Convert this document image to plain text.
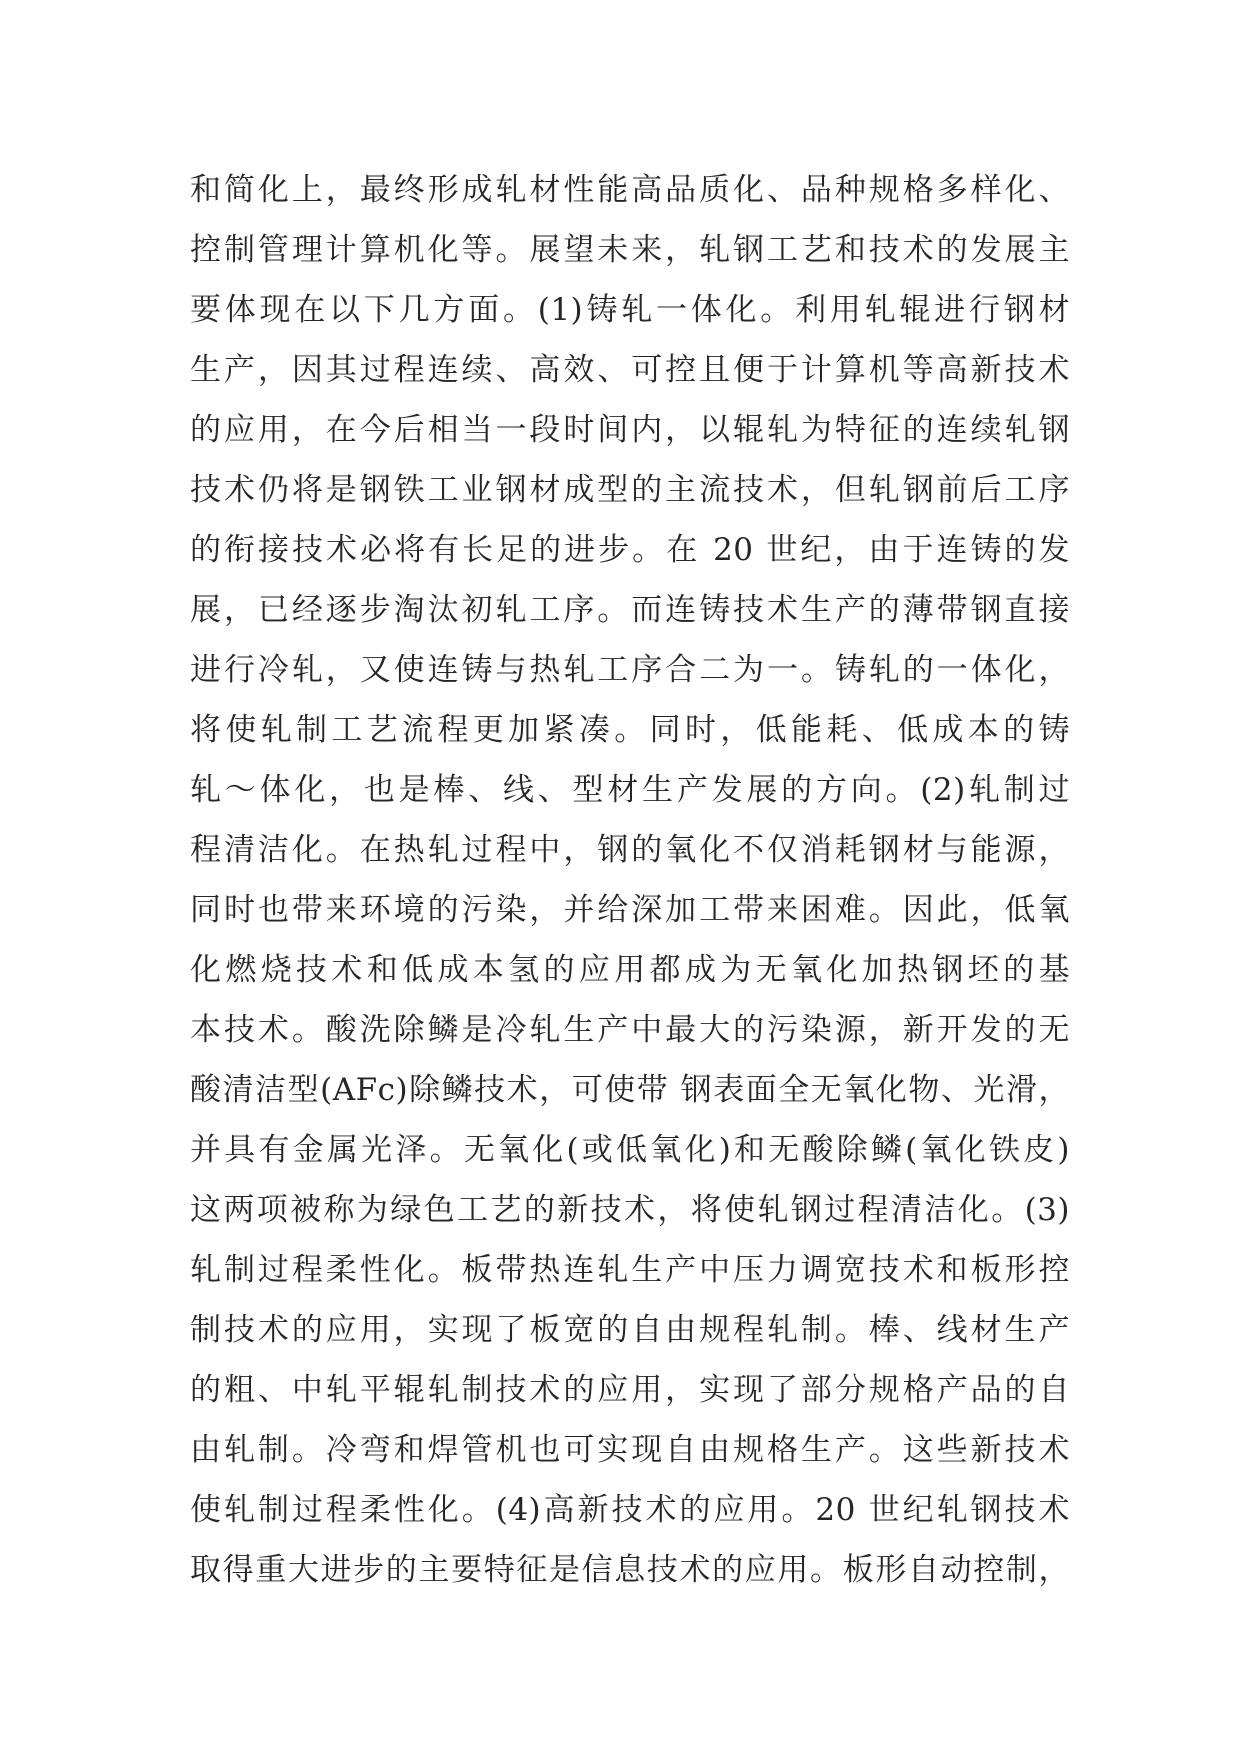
和简化上，最终形成轧材性能高品质化、品种规格多样化、
控制管理计算机化等。展望未来，轧钢工艺和技术的发展主
要体现在以下几方面。(1)铸轧一体化。利用轧辊进行钢材
生产，因其过程连续、高效、可控且便于计算机等高新技术
的应用，在今后相当一段时间内，以辊轧为特征的连续轧钢
技术仍将是钢铁工业钢材成型的主流技术，但轧钢前后工序
的衔接技术必将有长足的进步。在 20 世纪，由于连铸的发
展，已经逐步淘汰初轧工序。而连铸技术生产的薄带钢直接
进行冷轧，又使连铸与热轧工序合二为一。铸轧的一体化，
将使轧制工艺流程更加紧凑。同时，低能耗、低成本的铸
轧～体化，也是棒、线、型材生产发展的方向。(2)轧制过
程清洁化。在热轧过程中，钢的氧化不仅消耗钢材与能源，
同时也带来环境的污染，并给深加工带来困难。因此，低氧
化燃烧技术和低成本氢的应用都成为无氧化加热钢坯的基
本技术。酸洗除鳞是冷轧生产中最大的污染源，新开发的无
酸清洁型(AFc)除鳞技术，可使带 钢表面全无氧化物、光滑，
并具有金属光泽。无氧化(或低氧化)和无酸除鳞(氧化铁皮)
这两项被称为绿色工艺的新技术，将使轧钢过程清洁化。(3)
轧制过程柔性化。板带热连轧生产中压力调宽技术和板形控
制技术的应用，实现了板宽的自由规程轧制。棒、线材生产
的粗、中轧平辊轧制技术的应用，实现了部分规格产品的自
由轧制。冷弯和焊管机也可实现自由规格生产。这些新技术
使轧制过程柔性化。(4)高新技术的应用。20 世纪轧钢技术
取得重大进步的主要特征是信息技术的应用。板形自动控制，
